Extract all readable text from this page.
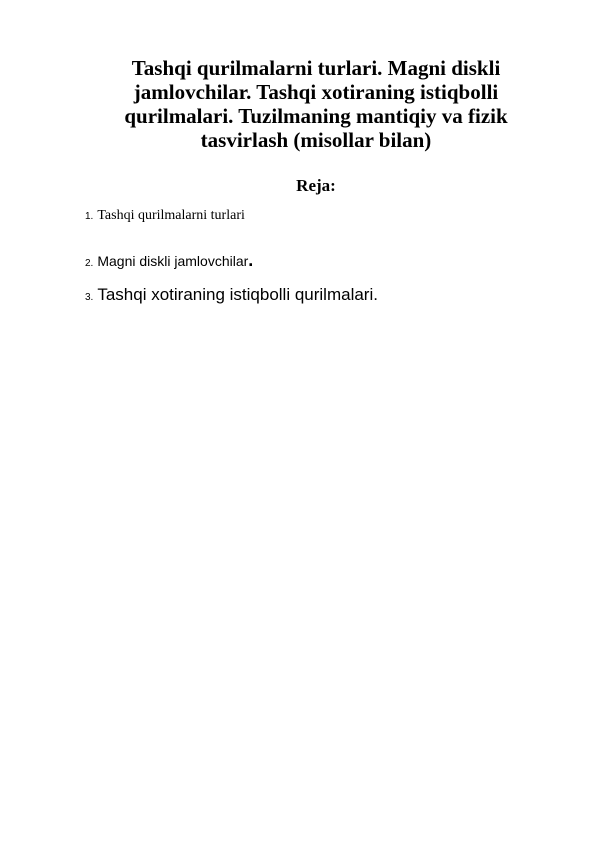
Tashqi qurilmalarni turlari. Magni diskli jamlovchilar. Tashqi xotiraning istiqbolli qurilmalari. Tuzilmaning mantiqiy va fizik tasvirlash (misollar bilan)
Reja:
1. Tashqi qurilmalarni turlari
2. Magni diskli jamlovchilar.
3. Tashqi xotiraning istiqbolli qurilmalari.
